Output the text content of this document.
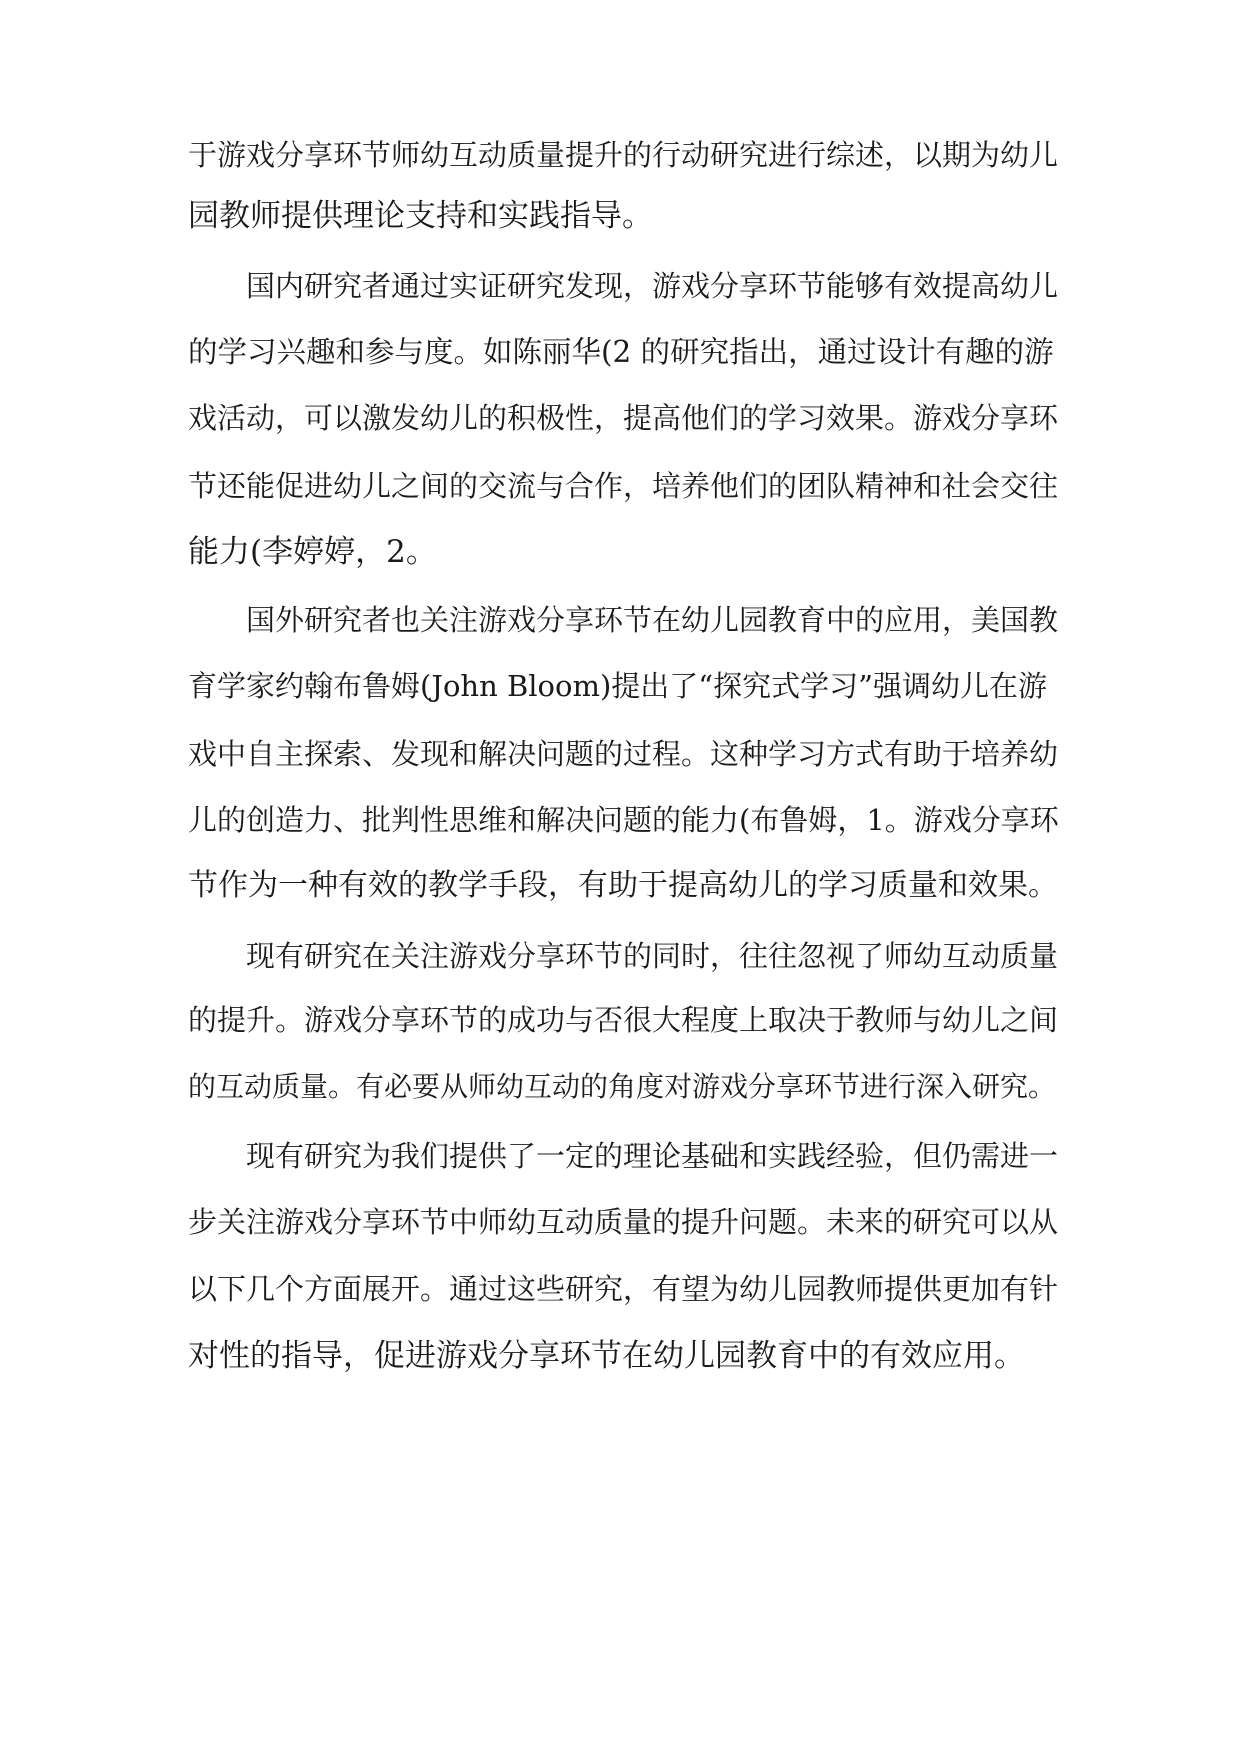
于游戏分享环节师幼互动质量提升的行动研究进行综述，以期为幼儿
园教师提供理论支持和实践指导。
国内研究者通过实证研究发现，游戏分享环节能够有效提高幼儿
的学习兴趣和参与度。如陈丽华(2 的研究指出，通过设计有趣的游
戏活动，可以激发幼儿的积极性，提高他们的学习效果。游戏分享环
节还能促进幼儿之间的交流与合作，培养他们的团队精神和社会交往
能力(李婷婷，2。
国外研究者也关注游戏分享环节在幼儿园教育中的应用，美国教
育学家约翰布鲁姆(John Bloom)提出了“探究式学习”强调幼儿在游
戏中自主探索、发现和解决问题的过程。这种学习方式有助于培养幼
儿的创造力、批判性思维和解决问题的能力(布鲁姆，1。游戏分享环
节作为一种有效的教学手段，有助于提高幼儿的学习质量和效果。
现有研究在关注游戏分享环节的同时，往往忽视了师幼互动质量
的提升。游戏分享环节的成功与否很大程度上取决于教师与幼儿之间
的互动质量。有必要从师幼互动的角度对游戏分享环节进行深入研究。
现有研究为我们提供了一定的理论基础和实践经验，但仍需进一
步关注游戏分享环节中师幼互动质量的提升问题。未来的研究可以从
以下几个方面展开。通过这些研究，有望为幼儿园教师提供更加有针
对性的指导，促进游戏分享环节在幼儿园教育中的有效应用。
